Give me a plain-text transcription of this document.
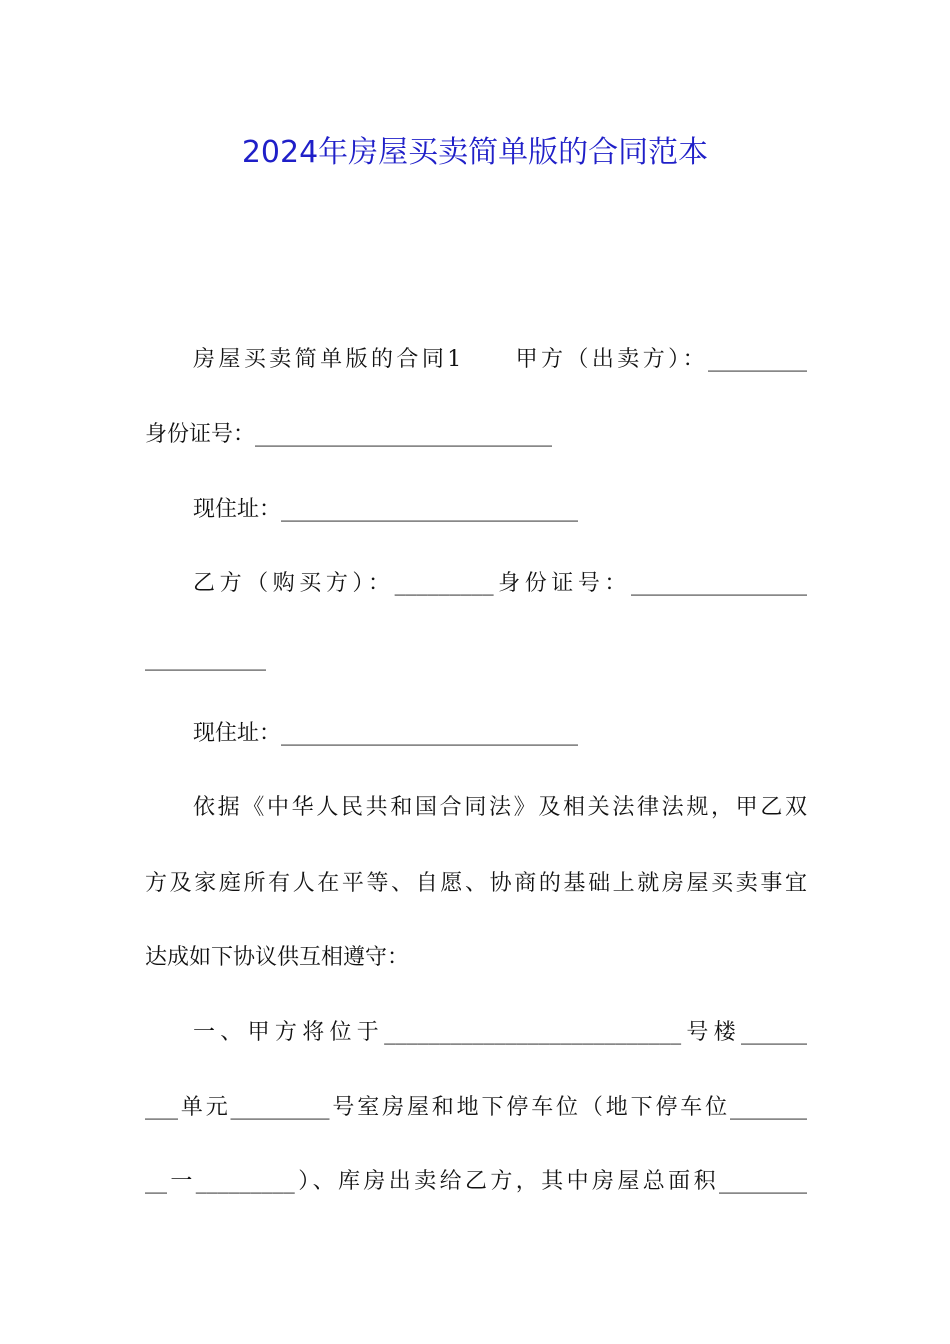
2024年房屋买卖简单版的合同范本
房屋买卖简单版的合同1　　甲方（出卖方）：_________
身份证号：___________________________
现住址：___________________________
乙方（购买方）：_________身份证号：________________
___________
现住址：___________________________
依据《中华人民共和国合同法》及相关法律法规，甲乙双
方及家庭所有人在平等、自愿、协商的基础上就房屋买卖事宜
达成如下协议供互相遵守：
一、甲方将位于___________________________号楼______
___单元_________号室房屋和地下停车位（地下停车位_______
__一_________）、库房出卖给乙方，其中房屋总面积________
